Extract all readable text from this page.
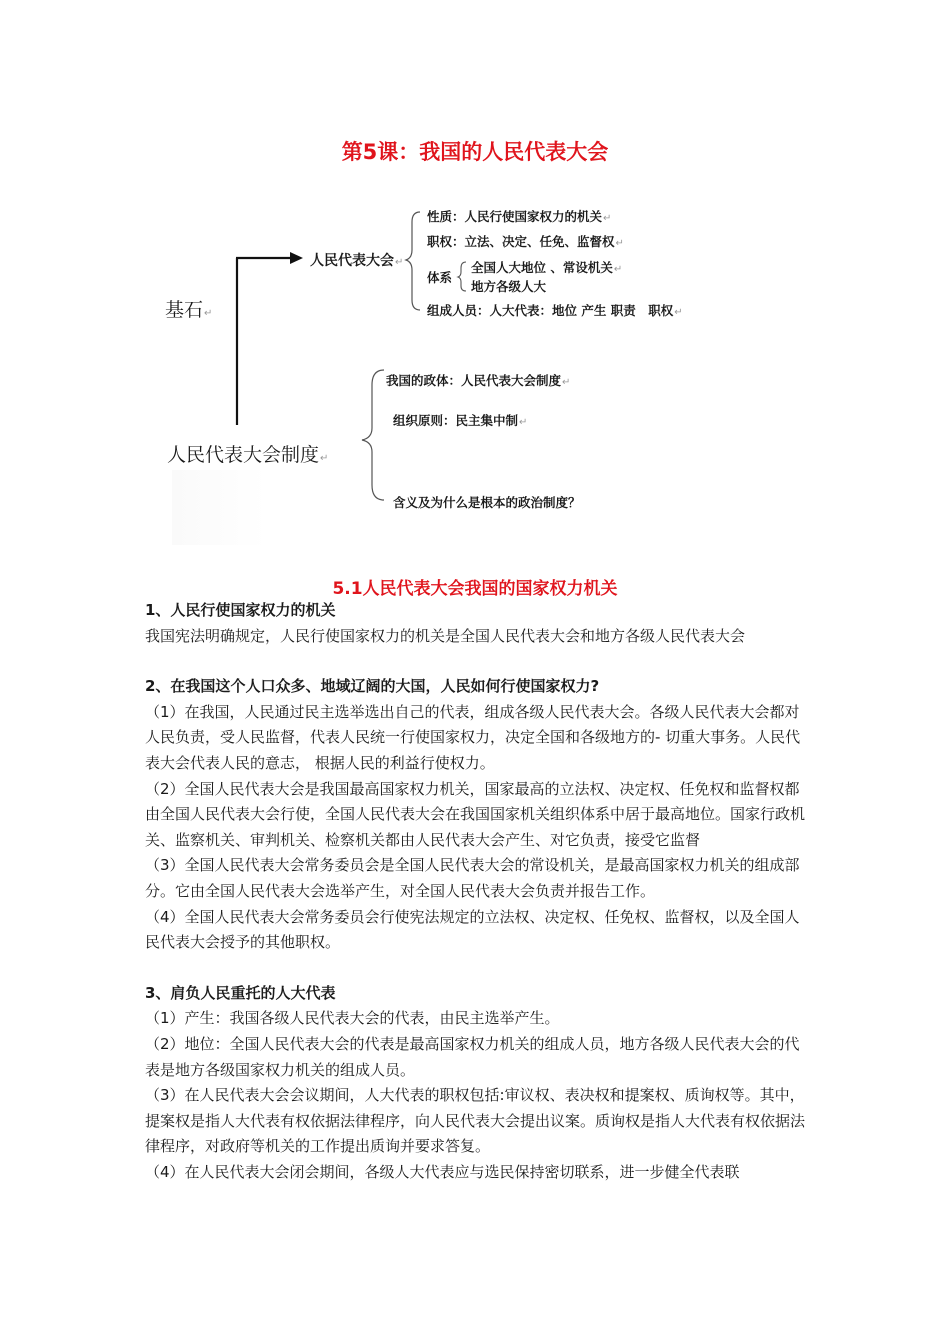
第5课：我国的人民代表大会
基石↵
人民代表大会↵
性质：人民行使国家权力的机关↵
职权：立法、决定、任免、监督权↵
体系
全国人大地位 、常设机关↵
地方各级人大
组成人员：人大代表：地位 产生 职责　职权↵
人民代表大会制度↵
我国的政体：人民代表大会制度↵
组织原则：民主集中制↵
含义及为什么是根本的政治制度？
5.1人民代表大会我国的国家权力机关

1、人民行使国家权力的机关

我国宪法明确规定，人民行使国家权力的机关是全国人民代表大会和地方各级人民代表大会

2、在我国这个人口众多、地域辽阔的大国，人民如何行使国家权力?

（1）在我国，人民通过民主选举选出自己的代表，组成各级人民代表大会。各级人民代表大会都对人民负责，受人民监督，代表人民统一行使国家权力，决定全国和各级地方的- 切重大事务。人民代表大会代表人民的意志， 根据人民的利益行使权力。

（2）全国人民代表大会是我国最高国家权力机关，国家最高的立法权、决定权、任免权和监督权都由全国人民代表大会行使，全国人民代表大会在我国国家机关组织体系中居于最高地位。国家行政机关、监察机关、审判机关、检察机关都由人民代表大会产生、对它负责，接受它监督

（3）全国人民代表大会常务委员会是全国人民代表大会的常设机关，是最高国家权力机关的组成部分。它由全国人民代表大会选举产生，对全国人民代表大会负责并报告工作。

（4）全国人民代表大会常务委员会行使宪法规定的立法权、决定权、任免权、监督权，以及全国人民代表大会授予的其他职权。

3、肩负人民重托的人大代表

（1）产生：我国各级人民代表大会的代表，由民主选举产生。

（2）地位：全国人民代表大会的代表是最高国家权力机关的组成人员，地方各级人民代表大会的代表是地方各级国家权力机关的组成人员。

（3）在人民代表大会会议期间，人大代表的职权包括:审议权、表决权和提案权、质询权等。其中，提案权是指人大代表有权依据法律程序，向人民代表大会提出议案。质询权是指人大代表有权依据法律程序，对政府等机关的工作提出质询并要求答复。

（4）在人民代表大会闭会期间，各级人大代表应与选民保持密切联系，进一步健全代表联
